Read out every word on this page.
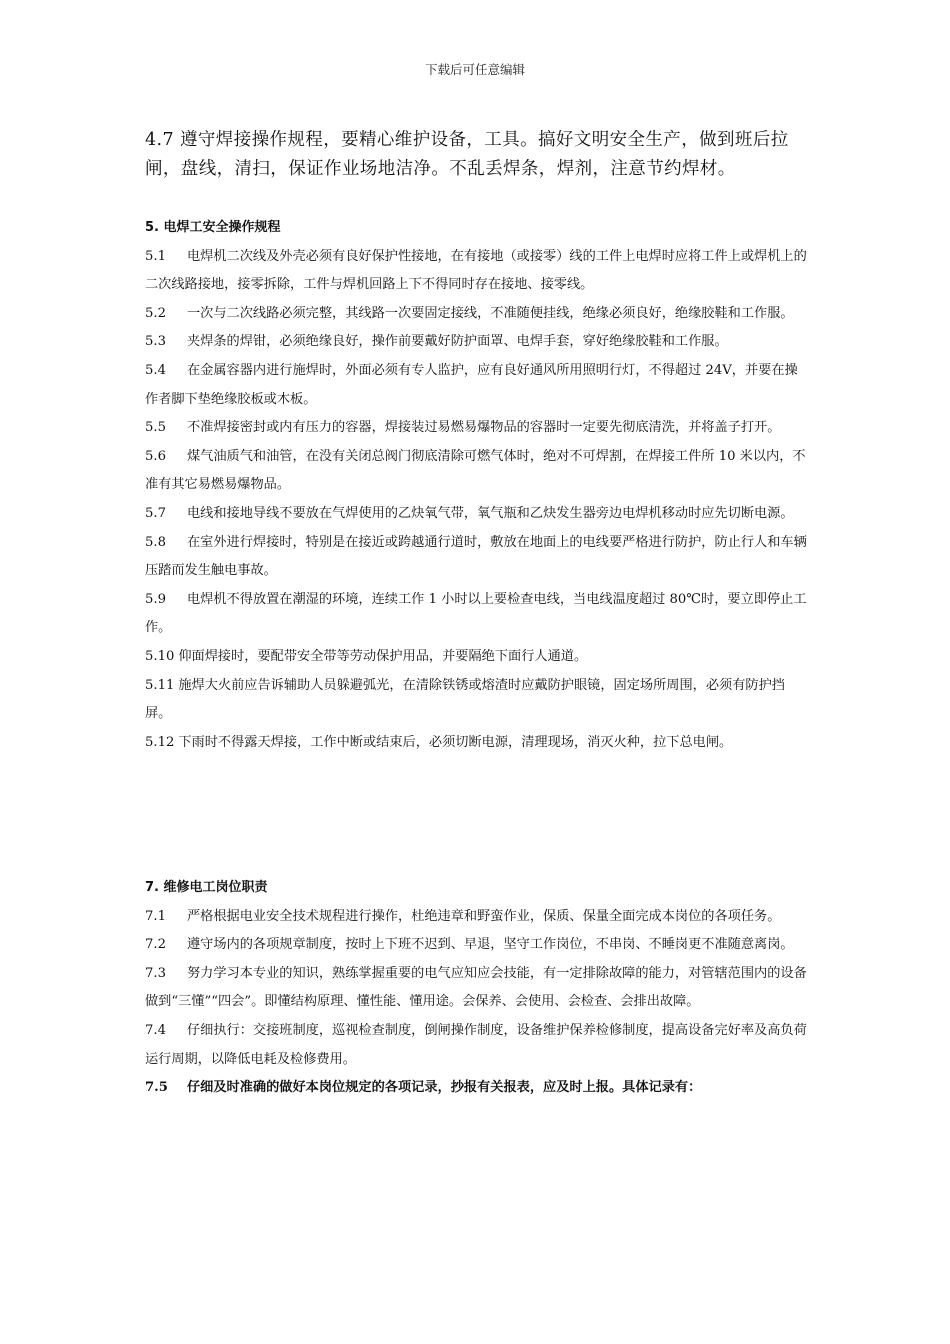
下载后可任意编辑
4.7 遵守焊接操作规程，要精心维护设备，工具。搞好文明安全生产，做到班后拉闸，盘线，清扫，保证作业场地洁净。不乱丢焊条，焊剂，注意节约焊材。
5. 电焊工安全操作规程
5.1 电焊机二次线及外壳必须有良好保护性接地，在有接地（或接零）线的工件上电焊时应将工件上或焊机上的二次线路接地，接零拆除，工件与焊机回路上下不得同时存在接地、接零线。
5.2 一次与二次线路必须完整，其线路一次要固定接线，不准随便挂线，绝缘必须良好，绝缘胶鞋和工作服。
5.3 夹焊条的焊钳，必须绝缘良好，操作前要戴好防护面罩、电焊手套，穿好绝缘胶鞋和工作服。
5.4 在金属容器内进行施焊时，外面必须有专人监护，应有良好通风所用照明行灯，不得超过 24V，并要在操作者脚下垫绝缘胶板或木板。
5.5 不准焊接密封或内有压力的容器，焊接装过易燃易爆物品的容器时一定要先彻底清洗，并将盖子打开。
5.6 煤气油质气和油管，在没有关闭总阀门彻底清除可燃气体时，绝对不可焊割，在焊接工件所 10 米以内，不准有其它易燃易爆物品。
5.7 电线和接地导线不要放在气焊使用的乙炔氧气带，氧气瓶和乙炔发生器旁边电焊机移动时应先切断电源。
5.8 在室外进行焊接时，特别是在接近或跨越通行道时，敷放在地面上的电线要严格进行防护，防止行人和车辆压踏而发生触电事故。
5.9 电焊机不得放置在潮湿的环境，连续工作 1 小时以上要检查电线，当电线温度超过 80℃时，要立即停止工作。
5.10 仰面焊接时，要配带安全带等劳动保护用品，并要隔绝下面行人通道。
5.11 施焊大火前应告诉辅助人员躲避弧光，在清除铁锈或熔渣时应戴防护眼镜，固定场所周围，必须有防护挡屏。
5.12 下雨时不得露天焊接，工作中断或结束后，必须切断电源，清理现场，消灭火种，拉下总电闸。
7. 维修电工岗位职责
7.1 严格根据电业安全技术规程进行操作，杜绝违章和野蛮作业，保质、保量全面完成本岗位的各项任务。
7.2 遵守场内的各项规章制度，按时上下班不迟到、早退，坚守工作岗位，不串岗、不睡岗更不准随意离岗。
7.3 努力学习本专业的知识，熟练掌握重要的电气应知应会技能，有一定排除故障的能力，对管辖范围内的设备做到“三懂”“四会”。即懂结构原理、懂性能、懂用途。会保养、会使用、会检查、会排出故障。
7.4 仔细执行：交接班制度，巡视检查制度，倒闸操作制度，设备维护保养检修制度，提高设备完好率及高负荷运行周期，以降低电耗及检修费用。
7.5 仔细及时准确的做好本岗位规定的各项记录，抄报有关报表，应及时上报。具体记录有：
